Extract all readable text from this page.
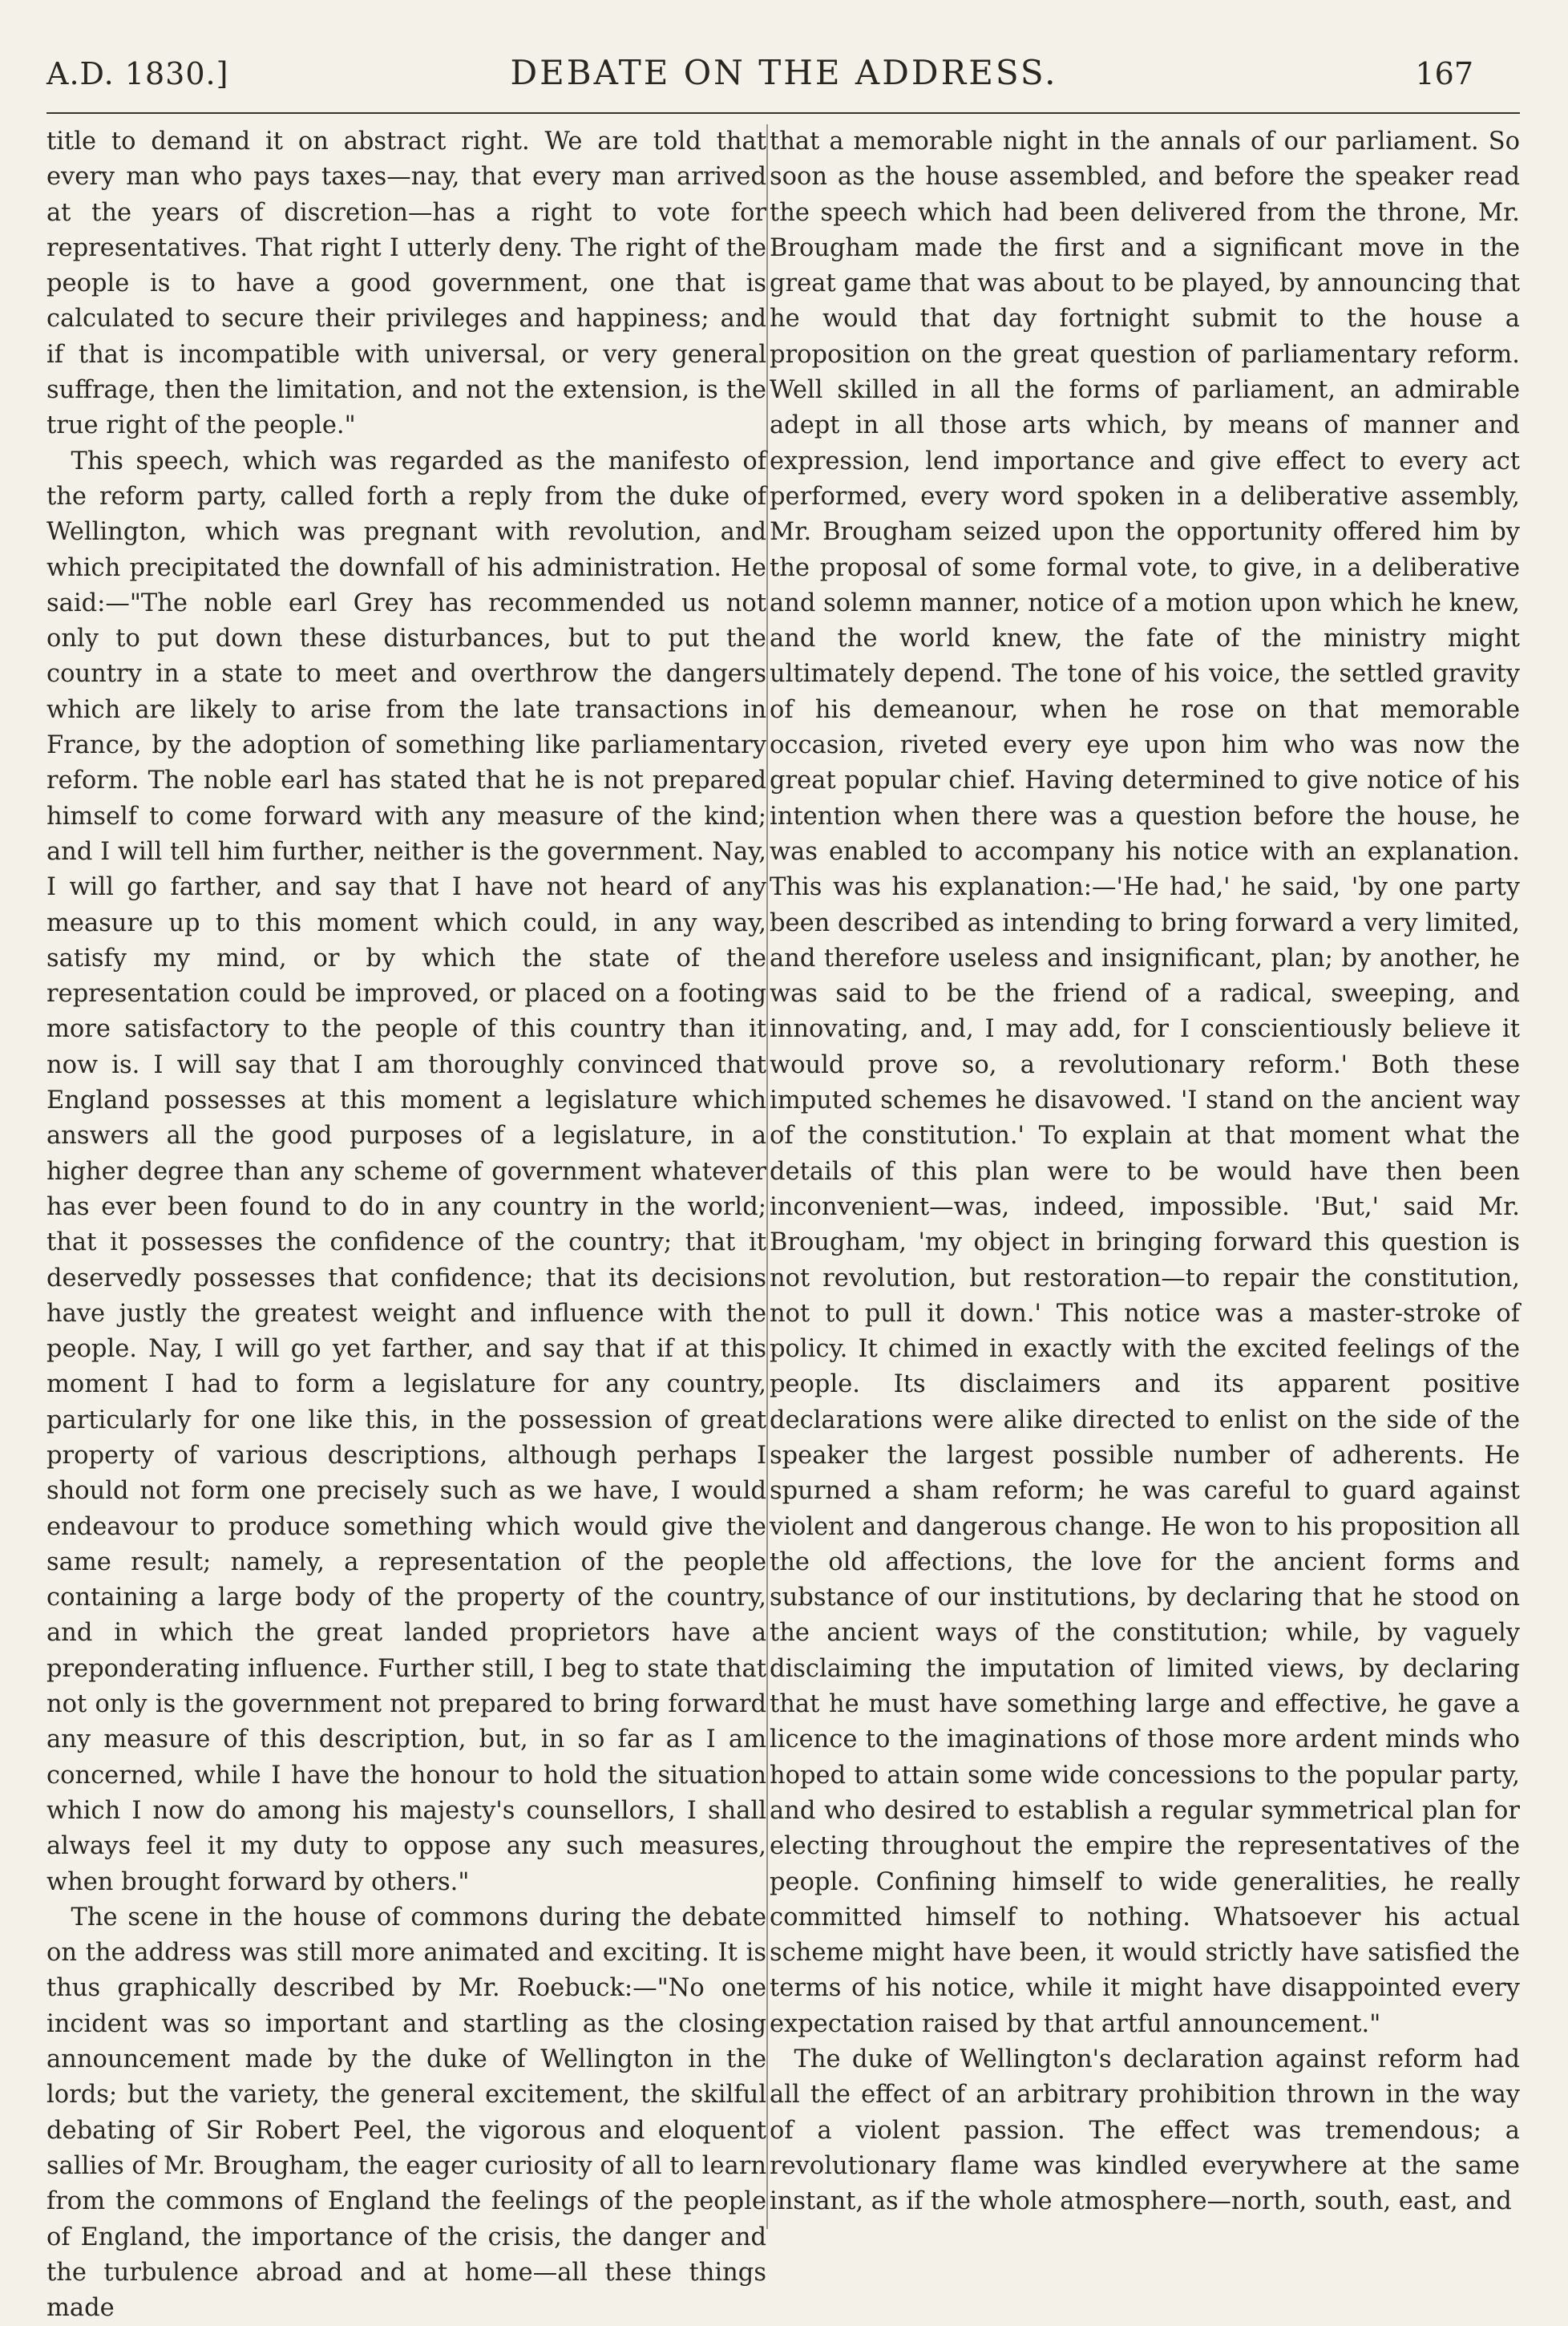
A.D. 1830.]	DEBATE ON THE ADDRESS.	167

title to demand it on abstract right. We are told that every man who pays taxes—nay, that every man arrived at the years of discretion—has a right to vote for representatives. That right I utterly deny. The right of the people is to have a good government, one that is calculated to secure their privileges and happiness; and if that is incompatible with universal, or very general suffrage, then the limitation, and not the extension, is the true right of the people."

This speech, which was regarded as the manifesto of the reform party, called forth a reply from the duke of Wellington, which was pregnant with revolution, and which precipitated the downfall of his administration. He said:—"The noble earl Grey has recommended us not only to put down these disturbances, but to put the country in a state to meet and overthrow the dangers which are likely to arise from the late transactions in France, by the adoption of something like parliamentary reform. The noble earl has stated that he is not prepared himself to come forward with any measure of the kind; and I will tell him further, neither is the government. Nay, I will go farther, and say that I have not heard of any measure up to this moment which could, in any way, satisfy my mind, or by which the state of the representation could be improved, or placed on a footing more satisfactory to the people of this country than it now is. I will say that I am thoroughly convinced that England possesses at this moment a legislature which answers all the good purposes of a legislature, in a higher degree than any scheme of government whatever has ever been found to do in any country in the world; that it possesses the confidence of the country; that it deservedly possesses that confidence; that its decisions have justly the greatest weight and influence with the people. Nay, I will go yet farther, and say that if at this moment I had to form a legislature for any country, particularly for one like this, in the possession of great property of various descriptions, although perhaps I should not form one precisely such as we have, I would endeavour to produce something which would give the same result; namely, a representation of the people containing a large body of the property of the country, and in which the great landed proprietors have a preponderating influence. Further still, I beg to state that not only is the government not prepared to bring forward any measure of this description, but, in so far as I am concerned, while I have the honour to hold the situation which I now do among his majesty's counsellors, I shall always feel it my duty to oppose any such measures, when brought forward by others."

The scene in the house of commons during the debate on the address was still more animated and exciting. It is thus graphically described by Mr. Roebuck:—"No one incident was so important and startling as the closing announcement made by the duke of Wellington in the lords; but the variety, the general excitement, the skilful debating of Sir Robert Peel, the vigorous and eloquent sallies of Mr. Brougham, the eager curiosity of all to learn from the commons of England the feelings of the people of England, the importance of the crisis, the danger and the turbulence abroad and at home—all these things made

that a memorable night in the annals of our parliament. So soon as the house assembled, and before the speaker read the speech which had been delivered from the throne, Mr. Brougham made the first and a significant move in the great game that was about to be played, by announcing that he would that day fortnight submit to the house a proposition on the great question of parliamentary reform. Well skilled in all the forms of parliament, an admirable adept in all those arts which, by means of manner and expression, lend importance and give effect to every act performed, every word spoken in a deliberative assembly, Mr. Brougham seized upon the opportunity offered him by the proposal of some formal vote, to give, in a deliberative and solemn manner, notice of a motion upon which he knew, and the world knew, the fate of the ministry might ultimately depend. The tone of his voice, the settled gravity of his demeanour, when he rose on that memorable occasion, riveted every eye upon him who was now the great popular chief. Having determined to give notice of his intention when there was a question before the house, he was enabled to accompany his notice with an explanation. This was his explanation:—'He had,' he said, 'by one party been described as intending to bring forward a very limited, and therefore useless and insignificant, plan; by another, he was said to be the friend of a radical, sweeping, and innovating, and, I may add, for I conscientiously believe it would prove so, a revolutionary reform.' Both these imputed schemes he disavowed. 'I stand on the ancient way of the constitution.' To explain at that moment what the details of this plan were to be would have then been inconvenient—was, indeed, impossible. 'But,' said Mr. Brougham, 'my object in bringing forward this question is not revolution, but restoration—to repair the constitution, not to pull it down.' This notice was a master-stroke of policy. It chimed in exactly with the excited feelings of the people. Its disclaimers and its apparent positive declarations were alike directed to enlist on the side of the speaker the largest possible number of adherents. He spurned a sham reform; he was careful to guard against violent and dangerous change. He won to his proposition all the old affections, the love for the ancient forms and substance of our institutions, by declaring that he stood on the ancient ways of the constitution; while, by vaguely disclaiming the imputation of limited views, by declaring that he must have something large and effective, he gave a licence to the imaginations of those more ardent minds who hoped to attain some wide concessions to the popular party, and who desired to establish a regular symmetrical plan for electing throughout the empire the representatives of the people. Confining himself to wide generalities, he really committed himself to nothing. Whatsoever his actual scheme might have been, it would strictly have satisfied the terms of his notice, while it might have disappointed every expectation raised by that artful announcement."

The duke of Wellington's declaration against reform had all the effect of an arbitrary prohibition thrown in the way of a violent passion. The effect was tremendous; a revolutionary flame was kindled everywhere at the same instant, as if the whole atmosphere—north, south, east, and
